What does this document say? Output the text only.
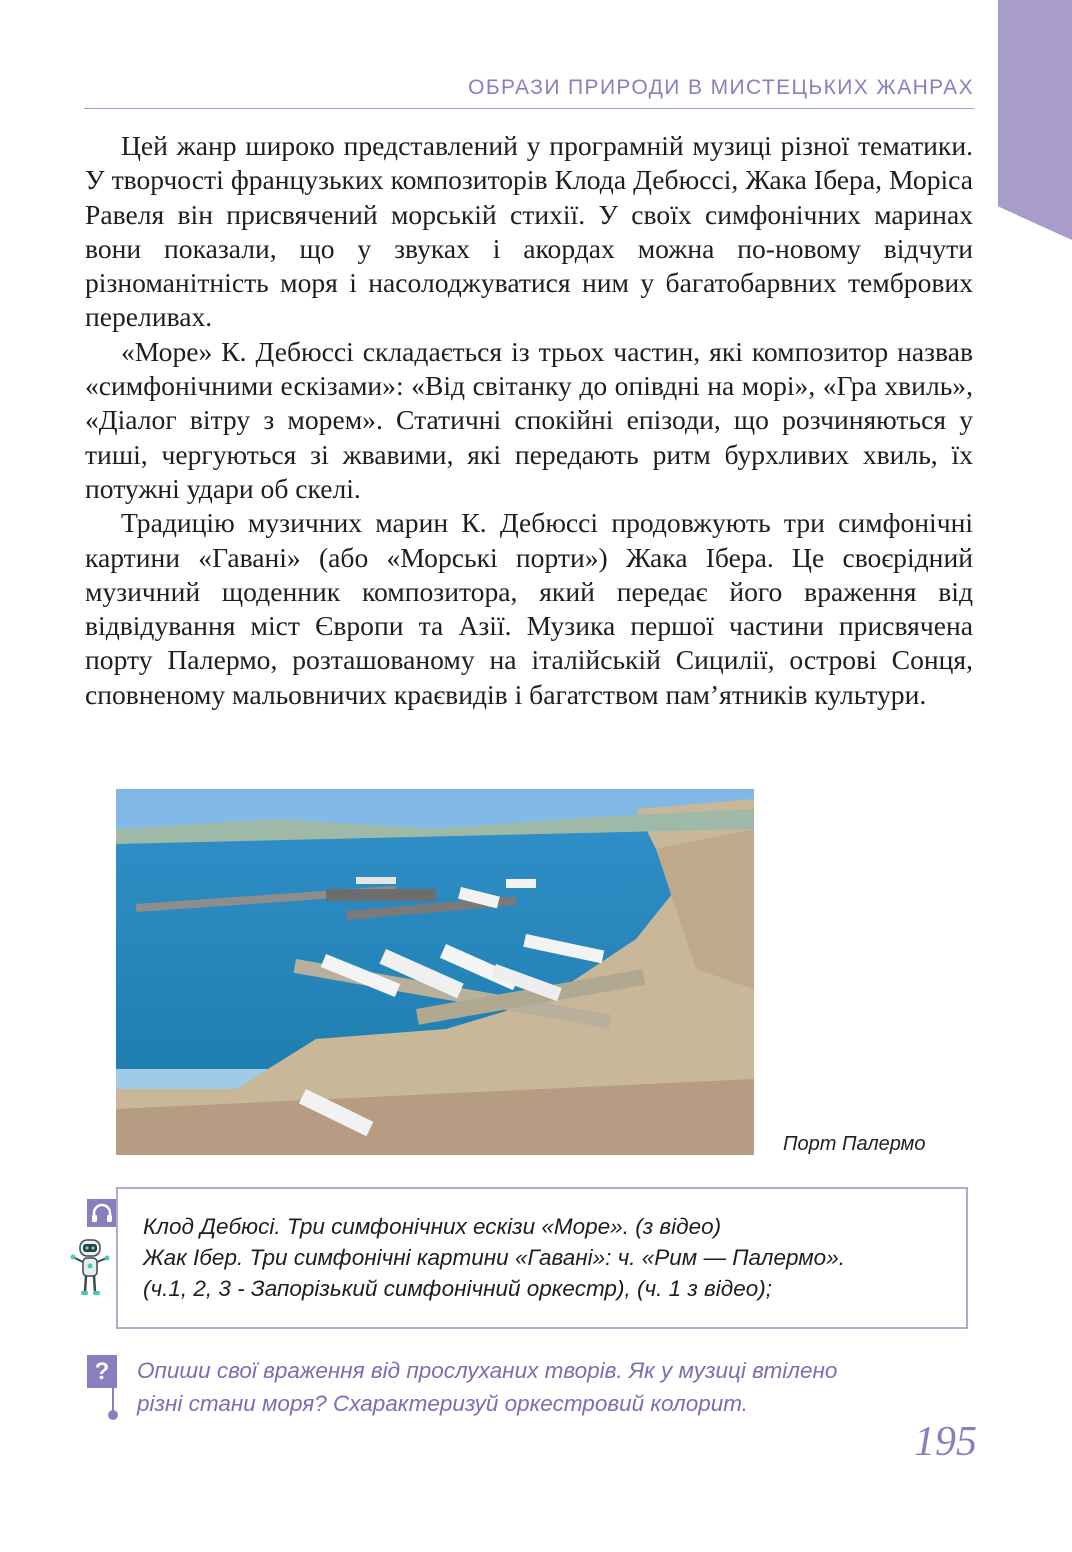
ОБРАЗИ ПРИРОДИ В МИСТЕЦЬКИХ ЖАНРАХ

Цей жанр широко представлений у програмній музиці різної тематики. У творчості французьких композиторів Клода Дебюссі, Жака Ібера, Моріса Равеля він присвячений морській стихії. У своїх симфонічних маринах вони показали, що у звуках і акордах можна по-новому відчути різноманітність моря і насолоджуватися ним у багатобарвних тембрових переливах.

«Море» К. Дебюссі складається із трьох частин, які композитор назвав «симфонічними ескізами»: «Від світанку до опівдні на морі», «Гра хвиль», «Діалог вітру з морем». Статичні спокійні епізоди, що розчиняються у тиші, чергуються зі жвавими, які передають ритм бурхливих хвиль, їх потужні удари об скелі.

Традицію музичних марин К. Дебюссі продовжують три симфонічні картини «Гавані» (або «Морські порти») Жака Ібера. Це своєрідний музичний щоденник композитора, який передає його враження від відвідування міст Європи та Азії. Музика першої частини присвячена порту Палермо, розташованому на італійській Сицилії, острові Сонця, сповненому мальовничих краєвидів і багатством пам’ятників культури.

Порт Палермо
Клод Дебюсі. Три симфонічних ескізи «Море». (з відео)
Жак Ібер. Три симфонічні картини «Гавані»: ч. «Рим — Палермо».
(ч.1, 2, 3 - Запорізький симфонічний оркестр), (ч. 1 з відео);
?	Опиши свої враження від прослуханих творів. Як у музиці втілено
різні стани моря? Схарактеризуй оркестровий колорит.
195
